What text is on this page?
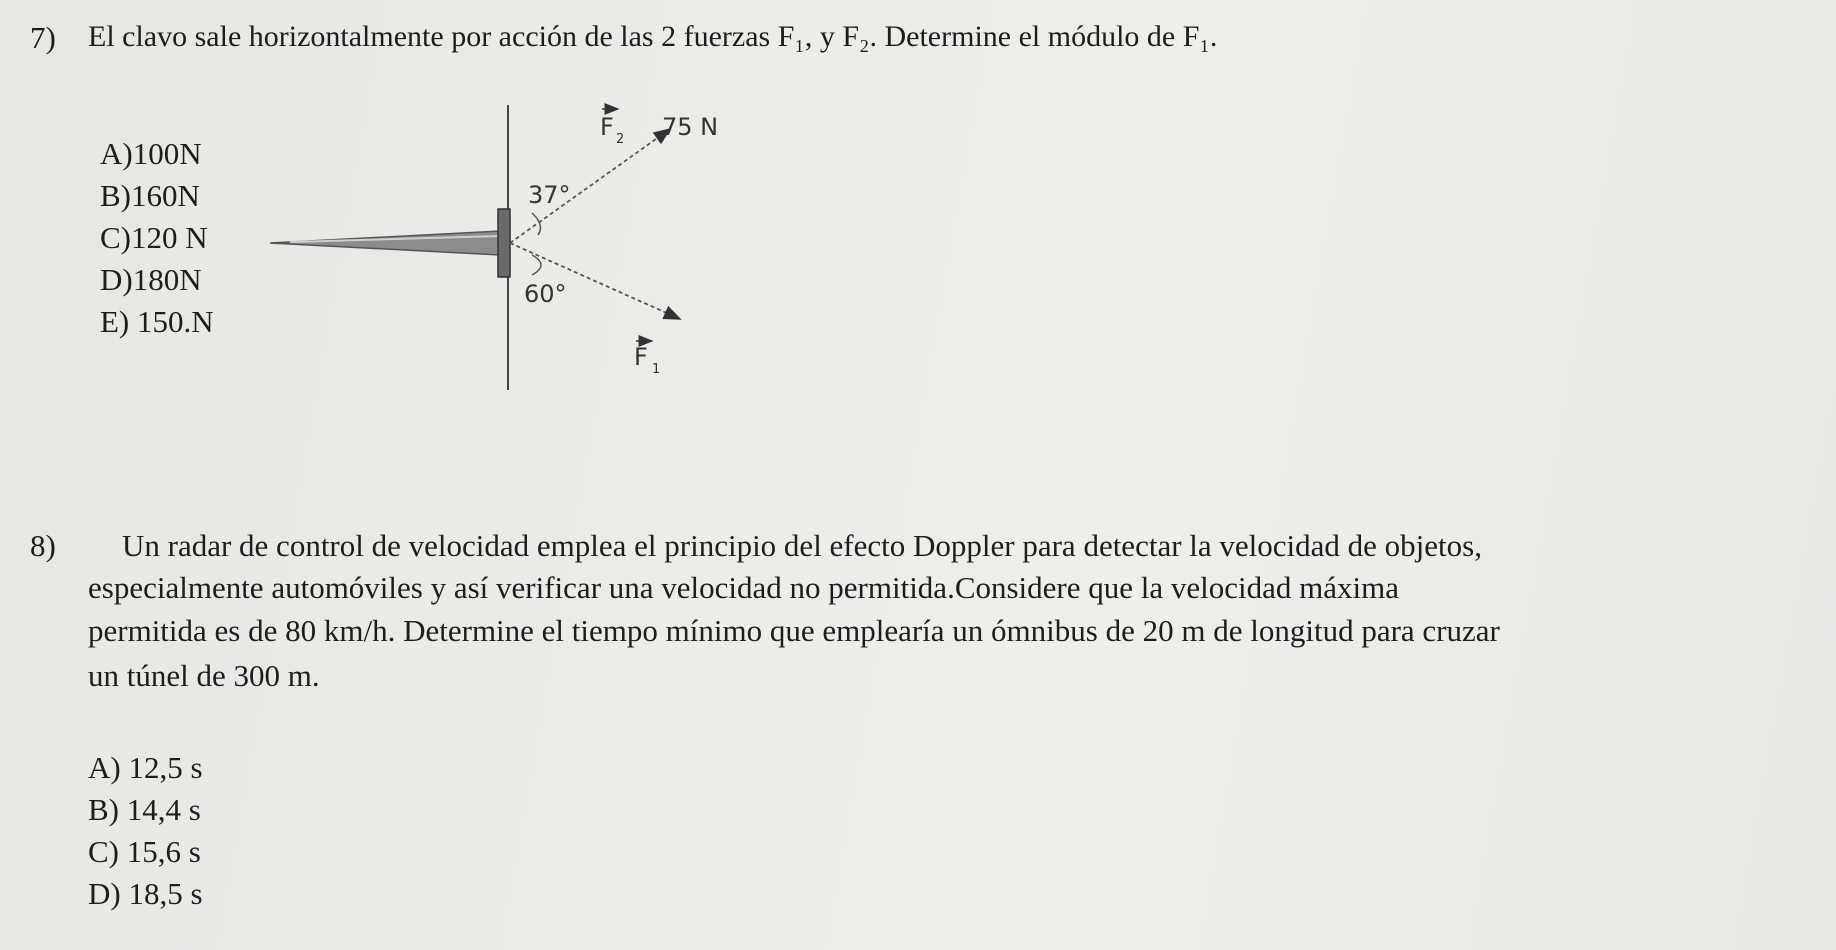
7) El clavo sale horizontalmente por acción de las 2 fuerzas F₁, y F₂. Determine el módulo de F₁.
A)100N
B)160N
C)120 N
D)180N
E) 150.N
F 2 75 N
37°
60°
F 1
8) Un radar de control de velocidad emplea el principio del efecto Doppler para detectar la velocidad de objetos,
especialmente automóviles y así verificar una velocidad no permitida.Considere que la velocidad máxima
permitida es de 80 km/h. Determine el tiempo mínimo que emplearía un ómnibus de 20 m de longitud para cruzar
un túnel de 300 m.
A) 12,5 s
B) 14,4 s
C) 15,6 s
D) 18,5 s
